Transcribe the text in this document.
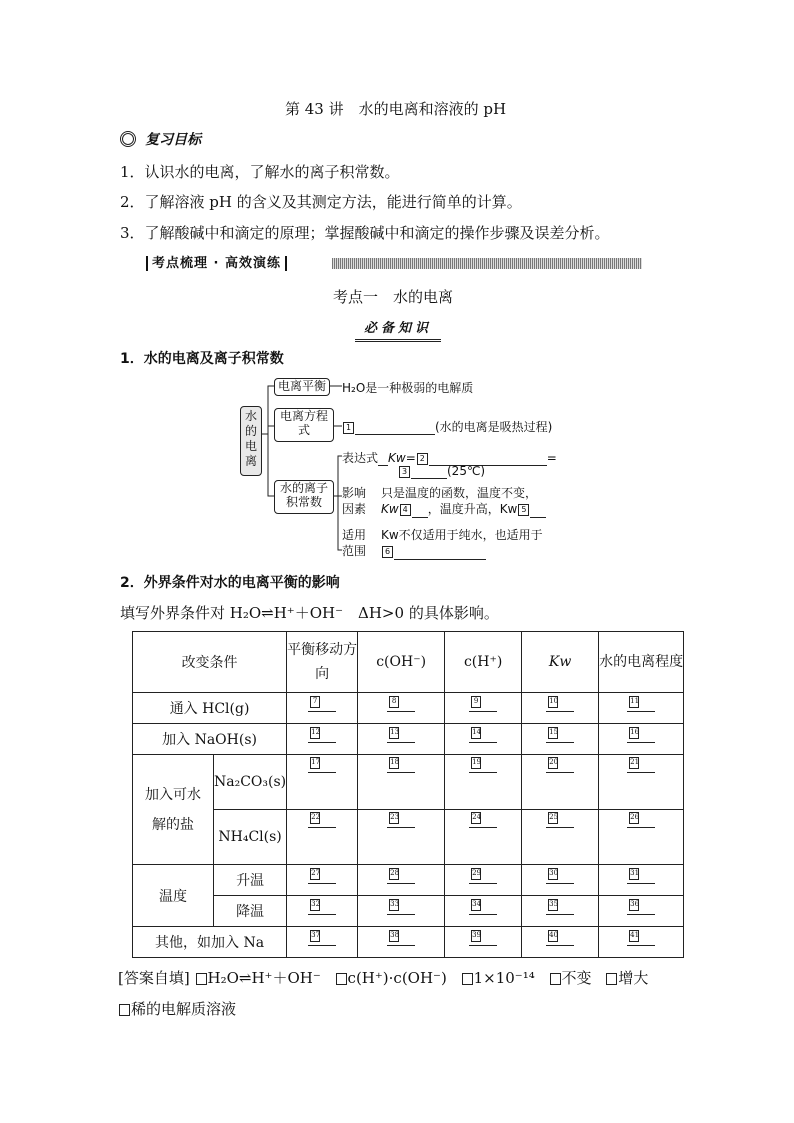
第 43 讲　水的电离和溶液的 pH
复习目标
1．认识水的电离，了解水的离子积常数。
2．了解溶液 pH 的含义及其测定方法，能进行简单的计算。
3．了解酸碱中和滴定的原理；掌握酸碱中和滴定的操作步骤及误差分析。
考点梳理 · 高效演练
考点一　水的电离
必备知识
1．水的电离及离子积常数
水的电离
电离平衡	H₂O是一种极弱的电解质
电离方程式	1	(水的电离是吸热过程)
水的离子积常数
表达式 Kw= 2	=
3	(25℃)
影响
因素
只是温度的函数，温度不变，
Kw 4 ，温度升高，Kw 5
适用
范围
Kw不仅适用于纯水，也适用于
6
2．外界条件对水的电离平衡的影响
填写外界条件对 H₂O⇌H⁺＋OH⁻　ΔH>0 的具体影响。
改变条件		平衡移动方向	c(OH⁻)	c(H⁺)	Kw	水的电离程度
通入 HCl(g)		7	8	9	10	11

加入 NaOH(s)		12	13	14	15	16

加入可水解的盐	Na₂CO₃(s)	17	18	19	20	21

	NH₄Cl(s)	22	23	24	25	26

温度	升温	27	28	29	30	31

	降温	32	33	34	35	36

其他，如加入 Na		37	38	39	40	41
[答案自填] H₂O⇌H⁺＋OH⁻ c(H⁺)·c(OH⁻) 1×10⁻¹⁴ 不变 增大
稀的电解质溶液
